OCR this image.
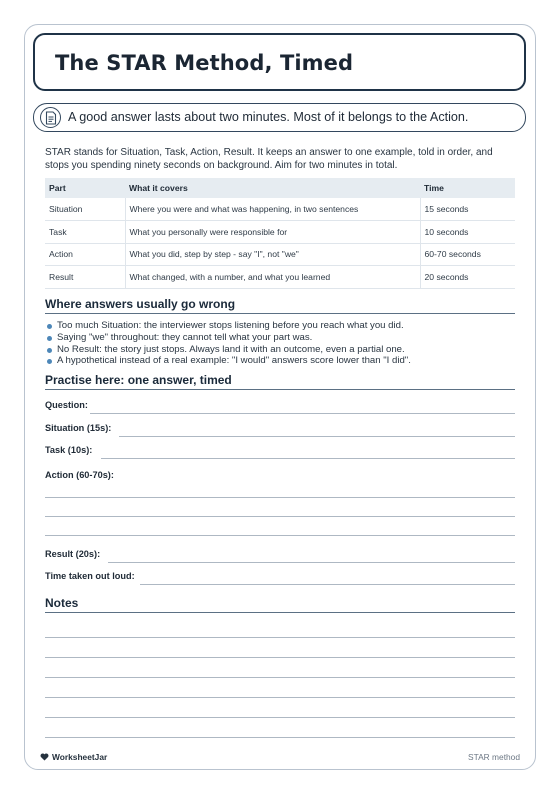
The STAR Method, Timed
A good answer lasts about two minutes. Most of it belongs to the Action.

STAR stands for Situation, Task, Action, Result. It keeps an answer to one example, told in order, and stops you spending ninety seconds on background. Aim for two minutes in total.

Part	What it covers	Time
Situation	Where you were and what was happening, in two sentences	15 seconds
Task	What you personally were responsible for	10 seconds
Action	What you did, step by step - say "I", not "we"	60-70 seconds
Result	What changed, with a number, and what you learned	20 seconds
Where answers usually go wrong
Too much Situation: the interviewer stops listening before you reach what you did.
Saying "we" throughout: they cannot tell what your part was.
No Result: the story just stops. Always land it with an outcome, even a partial one.
A hypothetical instead of a real example: "I would" answers score lower than "I did".
Practise here: one answer, timed
Question:
Situation (15s):
Task (10s):
Action (60-70s):
Result (20s):
Time taken out loud:
Notes
WorksheetJar	STAR method
